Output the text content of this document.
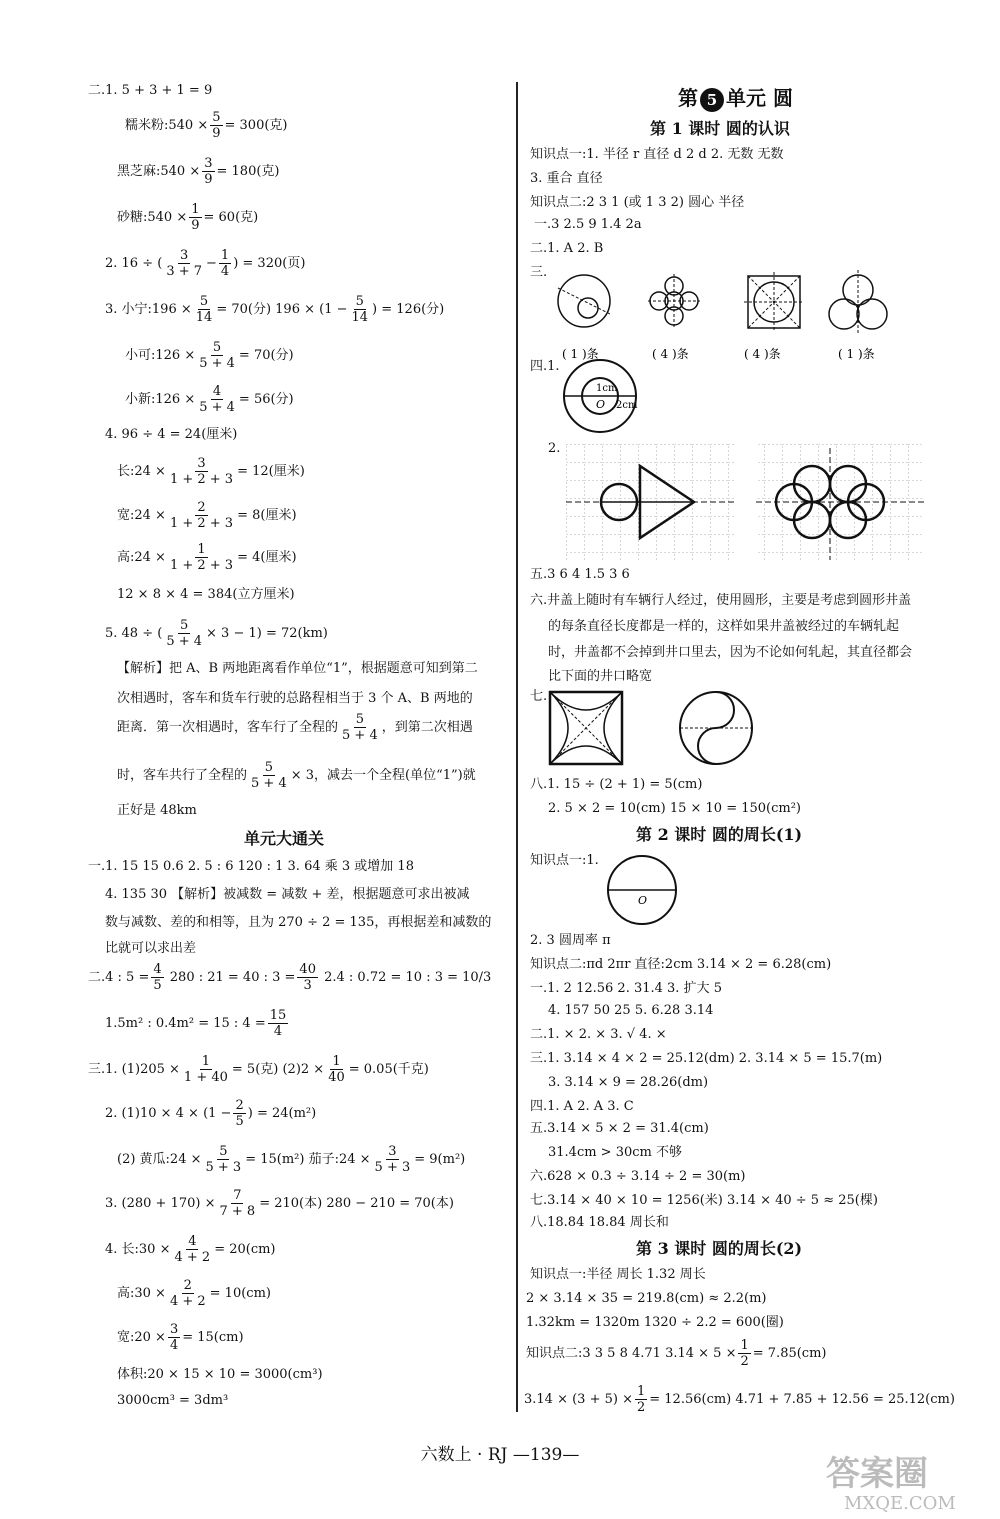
二.1. 5 + 3 + 1 = 9
糯米粉:540 × $\frac{5}{9} = 300$(克)
黑芝麻:540 × $\frac{3}{9} = 180$(克)
砂糖:540 × $\frac{1}{9} = 60$(克)
2. 16 ÷ ( $\frac{3}{3 + 7} - \frac{1}{4}$ ) = 320(页)
3. 小宁:196 × $\frac{5}{14} = 70$(分) $196 \times (1 - \frac{5}{14}$ ) = 126(分)
小可:126 × $\frac{5}{5 + 4} = 70$(分)
小新:126 × $\frac{4}{5 + 4} = 56$(分)
4. 96 ÷ 4 = 24(厘米)
长:24 × $\frac{3}{1 + 2 + 3} = 12$(厘米)
宽:24 × $\frac{2}{1 + 2 + 3} = 8$(厘米)
高:24 × $\frac{1}{1 + 2 + 3} = 4$(厘米)
12 × 8 × 4 = 384(立方厘米)
5. 48 ÷ ( $\frac{5}{5 + 4} \times 3 - 1) = 72(km)$
【解析】把 A、B 两地距离看作单位“1”，根据题意可知到第二
次相遇时，客车和货车行驶的总路程相当于 3 个 A、B 两地的
距离．第一次相遇时，客车行了全程的 $\frac{5}{5 + 4}$ ，到第二次相遇
时，客车共行了全程的 $\frac{5}{5 + 4} \times 3$，减去一个全程(单位“1”)就
正好是 48km
单元大通关
一.1. 15 15 0.6 2. 5 : 6 120 : 1 3. 64 乘 3 或增加 18
4. 135 30 【解析】被减数 = 减数 + 差，根据题意可求出被减
数与减数、差的和相等，且为 270 ÷ 2 = 135，再根据差和减数的
比就可以求出差
二.4 : $5 = \frac{4}{5} 280$ : 21 = 40 : $3 = \frac{40}{3} 2.4$ : 0.72 = 10 : 3 = 10/3
1.5m² : 0.4m² = 15 : $4 = \frac{15}{4}$
三.1. $(1)205 \times \frac{1}{1 + 40} = 5$(克) $(2)2 \times \frac{1}{40} = 0.05$(千克)
2. $(1)10 \times 4 \times (1 - \frac{2}{5}$ ) = 24(m²)
(2) 黄瓜:24 × $\frac{5}{5 + 3} = 15(m^2)$ 茄子:24 × $\frac{3}{5 + 3} = 9(m^2)$
3. $(280 + 170) \times \frac{7}{7 + 8} = 210$(本) 280 − 210 = 70(本)
4. 长:30 × $\frac{4}{4 + 2} = 20(cm)$
高:30 × $\frac{2}{4 + 2} = 10(cm)$
宽:20 × $\frac{3}{4} = 15(cm)$
体积:20 × 15 × 10 = 3000(cm³)
3000cm³ = 3dm³
第 1 课时 圆的认识
知识点一:1. 半径 r 直径 d 2 d 2. 无数 无数
3. 重合 直径
知识点二:2 3 1 (或 1 3 2) 圆心 半径
一.3 2.5 9 1.4 2a
二.1. A 2. B
三.
四.1.
2.
五.3 6 4 1.5 3 6
六.井盖上随时有车辆行人经过，使用圆形，主要是考虑到圆形井盖
的每条直径长度都是一样的，这样如果井盖被经过的车辆轧起
时，井盖都不会掉到井口里去，因为不论如何轧起，其直径都会
比下面的井口略宽
七.
八.1. 15 ÷ (2 + 1) = 5(cm)
2. 5 × 2 = 10(cm) 15 × 10 = 150(cm²)
第 2 课时 圆的周长(1)
知识点一:1.
2. 3 圆周率 π
知识点二:πd 2πr 直径:2cm 3.14 × 2 = 6.28(cm)
一.1. 2 12.56 2. 31.4 3. 扩大 5
4. 157 50 25 5. 6.28 3.14
二.1. × 2. × 3. √ 4. ×
三.1. 3.14 × 4 × 2 = 25.12(dm) 2. 3.14 × 5 = 15.7(m)
3. 3.14 × 9 = 28.26(dm)
四.1. A 2. A 3. C
五.3.14 × 5 × 2 = 31.4(cm)
31.4cm > 30cm 不够
六.628 × 0.3 ÷ 3.14 ÷ 2 = 30(m)
七.3.14 × 40 × 10 = 1256(米) 3.14 × 40 ÷ 5 ≈ 25(棵)
八.18.84 18.84 周长和
第 3 课时 圆的周长(2)
知识点一:半径 周长 1.32 周长
2 × 3.14 × 35 = 219.8(cm) ≈ 2.2(m)
1.32km = 1320m 1320 ÷ 2.2 = 600(圈)
知识点二:3 3 5 8 4.71 $3.14 \times 5 \times \frac{1}{2} = 7.85(cm)$
$3.14 \times (3 + 5) \times \frac{1}{2} = 12.56(cm) 4.71 + 7.85 + 12.56 = 25.12(cm)$
第 5 单元 圆
( 1 )条	( 4 )条	( 4 )条	( 1 )条
1cm
O 2cm
O
六数上 · RJ —139—	答案圈
MXQE.COM
